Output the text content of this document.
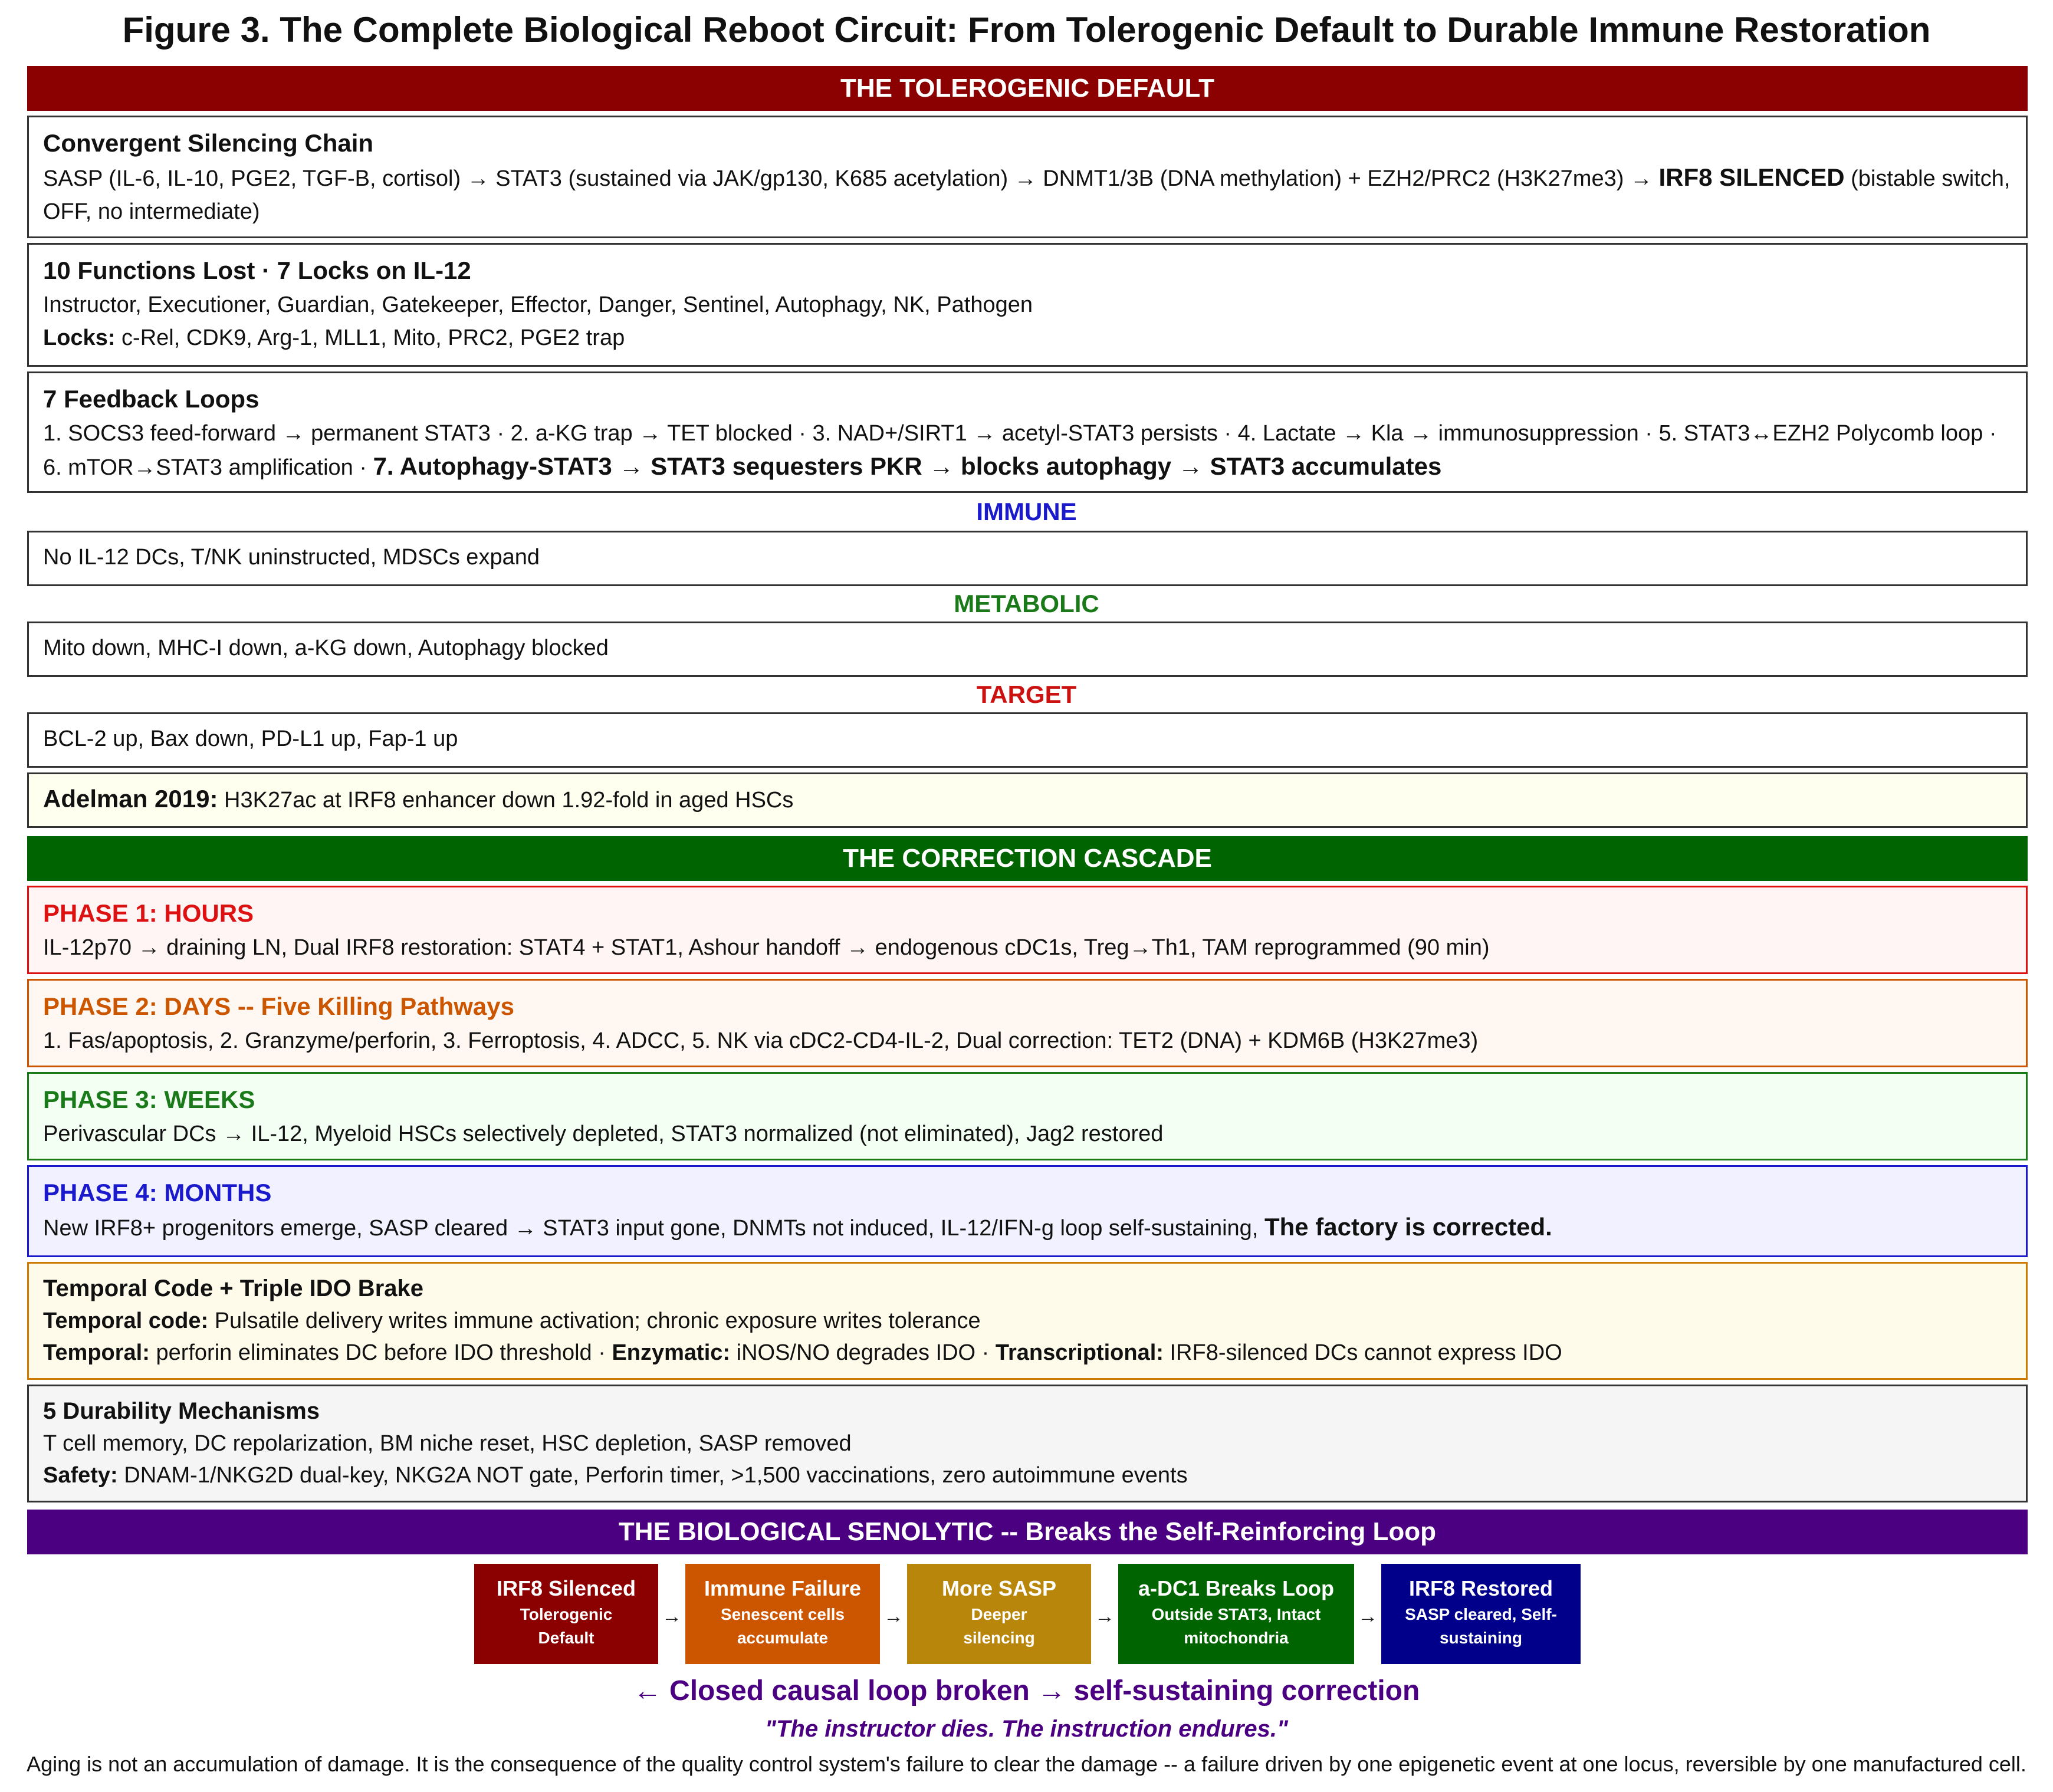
Figure 3. The Complete Biological Reboot Circuit: From Tolerogenic Default to Durable Immune Restoration
THE TOLEROGENIC DEFAULT
Convergent Silencing Chain

SASP (IL-6, IL-10, PGE2, TGF-B, cortisol) → STAT3 (sustained via JAK/gp130, K685 acetylation) → DNMT1/3B (DNA methylation) + EZH2/PRC2 (H3K27me3) → IRF8 SILENCED (bistable switch, OFF, no intermediate)

10 Functions Lost · 7 Locks on IL-12

Instructor, Executioner, Guardian, Gatekeeper, Effector, Danger, Sentinel, Autophagy, NK, Pathogen

Locks: c-Rel, CDK9, Arg-1, MLL1, Mito, PRC2, PGE2 trap

7 Feedback Loops

1. SOCS3 feed-forward → permanent STAT3 · 2. a-KG trap → TET blocked · 3. NAD+/SIRT1 → acetyl-STAT3 persists · 4. Lactate → Kla → immunosuppression · 5. STAT3↔EZH2 Polycomb loop · 6. mTOR→STAT3 amplification · 7. Autophagy-STAT3 → STAT3 sequesters PKR → blocks autophagy → STAT3 accumulates

IMMUNE

No IL-12 DCs, T/NK uninstructed, MDSCs expand

METABOLIC

Mito down, MHC-I down, a-KG down, Autophagy blocked

TARGET

BCL-2 up, Bax down, PD-L1 up, Fap-1 up

Adelman 2019: H3K27ac at IRF8 enhancer down 1.92-fold in aged HSCs

THE CORRECTION CASCADE
PHASE 1: HOURS

IL-12p70 → draining LN, Dual IRF8 restoration: STAT4 + STAT1, Ashour handoff → endogenous cDC1s, Treg→Th1, TAM reprogrammed (90 min)

PHASE 2: DAYS -- Five Killing Pathways

1. Fas/apoptosis, 2. Granzyme/perforin, 3. Ferroptosis, 4. ADCC, 5. NK via cDC2-CD4-IL-2, Dual correction: TET2 (DNA) + KDM6B (H3K27me3)

PHASE 3: WEEKS

Perivascular DCs → IL-12, Myeloid HSCs selectively depleted, STAT3 normalized (not eliminated), Jag2 restored

PHASE 4: MONTHS

New IRF8+ progenitors emerge, SASP cleared → STAT3 input gone, DNMTs not induced, IL-12/IFN-g loop self-sustaining, The factory is corrected.

Temporal Code + Triple IDO Brake

Temporal code: Pulsatile delivery writes immune activation; chronic exposure writes tolerance

Temporal: perforin eliminates DC before IDO threshold · Enzymatic: iNOS/NO degrades IDO · Transcriptional: IRF8-silenced DCs cannot express IDO

5 Durability Mechanisms

T cell memory, DC repolarization, BM niche reset, HSC depletion, SASP removed

Safety: DNAM-1/NKG2D dual-key, NKG2A NOT gate, Perforin timer, >1,500 vaccinations, zero autoimmune events

THE BIOLOGICAL SENOLYTIC -- Breaks the Self-Reinforcing Loop
IRF8 Silenced
Tolerogenic
Default
→
Immune Failure
Senescent cells
accumulate
→
More SASP
Deeper
silencing
→
a-DC1 Breaks Loop
Outside STAT3, Intact
mitochondria
→
IRF8 Restored
SASP cleared, Self-
sustaining
← Closed causal loop broken → self-sustaining correction
"The instructor dies. The instruction endures."
Aging is not an accumulation of damage. It is the consequence of the quality control system's failure to clear the damage -- a failure driven by one epigenetic event at one locus, reversible by one manufactured cell.
